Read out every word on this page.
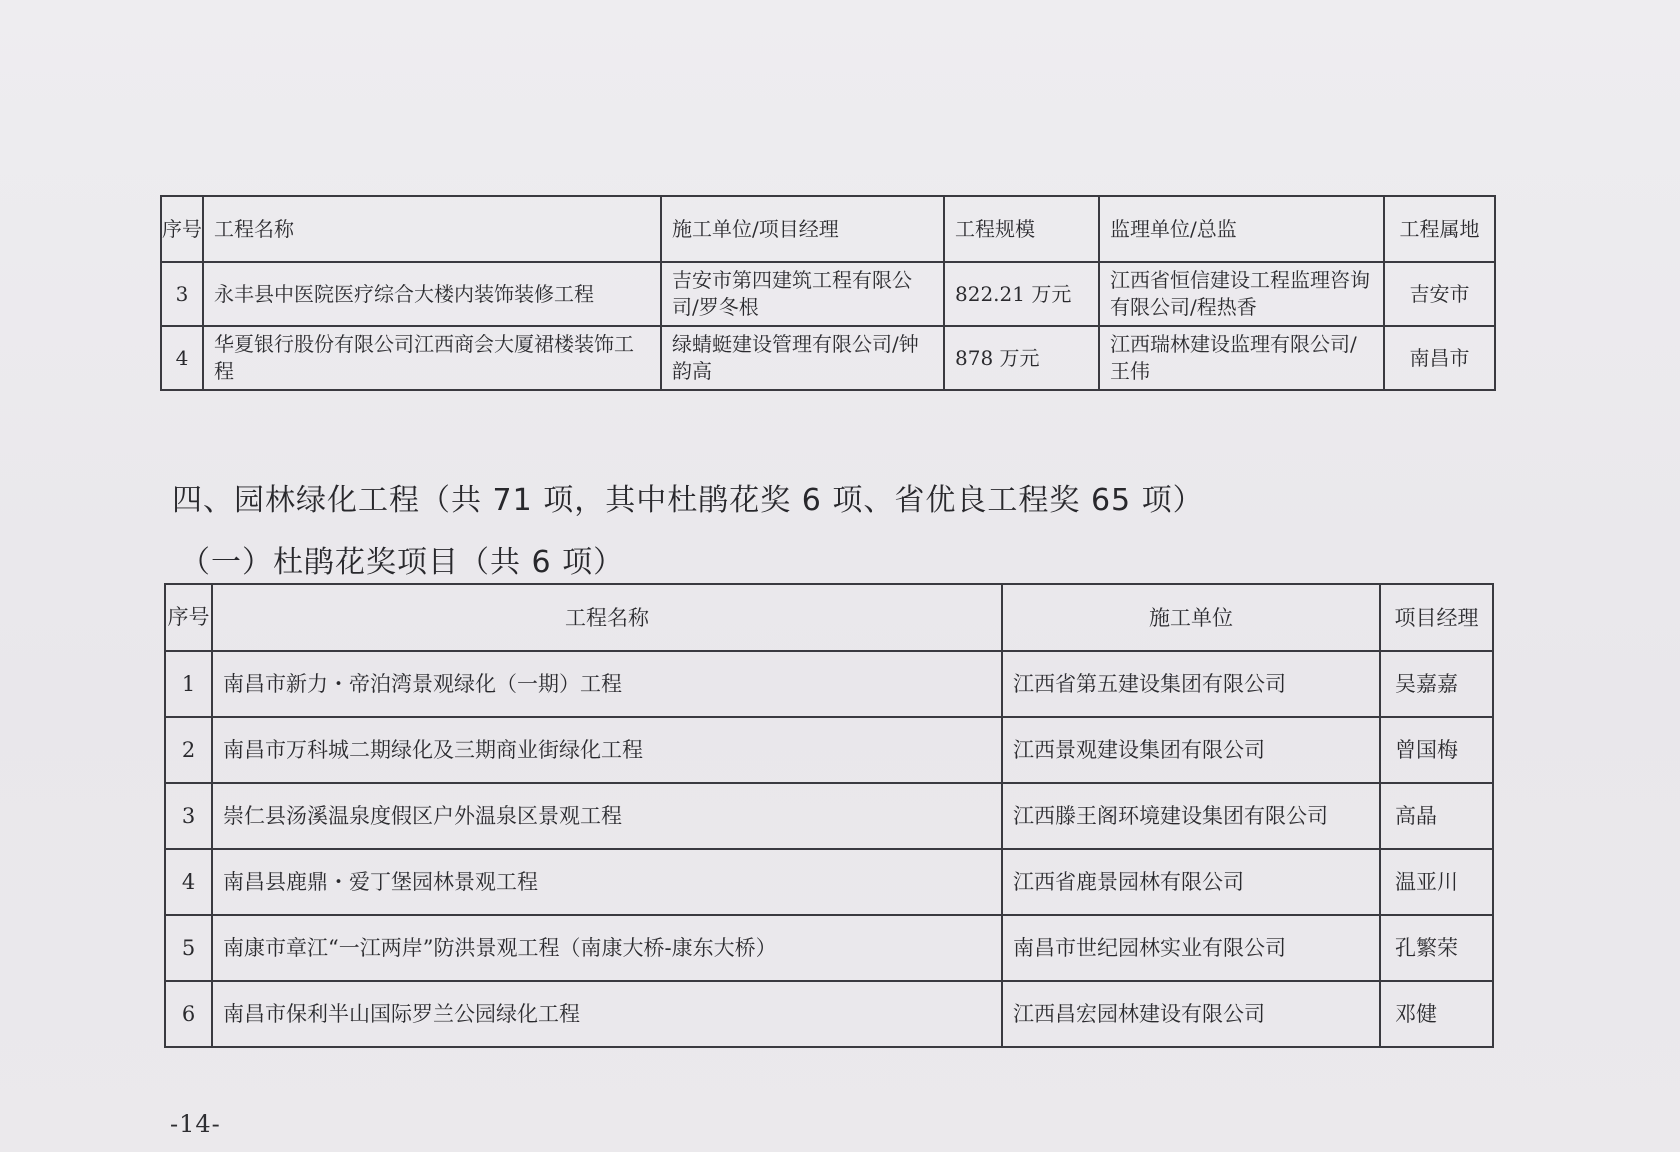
序号	工程名称	施工单位/项目经理	工程规模	监理单位/总监	工程属地
3	永丰县中医院医疗综合大楼内装饰装修工程	吉安市第四建筑工程有限公司/罗冬根	822.21 万元	江西省恒信建设工程监理咨询有限公司/程热香	吉安市
4	华夏银行股份有限公司江西商会大厦裙楼装饰工程	绿蜻蜓建设管理有限公司/钟韵高	878 万元	江西瑞林建设监理有限公司/王伟	南昌市
四、园林绿化工程（共 71 项，其中杜鹃花奖 6 项、省优良工程奖 65 项）
（一）杜鹃花奖项目（共 6 项）
序号	工程名称	施工单位	项目经理
1	南昌市新力・帝泊湾景观绿化（一期）工程	江西省第五建设集团有限公司	吴嘉嘉
2	南昌市万科城二期绿化及三期商业街绿化工程	江西景观建设集团有限公司	曾国梅
3	崇仁县汤溪温泉度假区户外温泉区景观工程	江西滕王阁环境建设集团有限公司	高晶
4	南昌县鹿鼎・爱丁堡园林景观工程	江西省鹿景园林有限公司	温亚川
5	南康市章江“一江两岸”防洪景观工程（南康大桥-康东大桥）	南昌市世纪园林实业有限公司	孔繁荣
6	南昌市保利半山国际罗兰公园绿化工程	江西昌宏园林建设有限公司	邓健
-14-
